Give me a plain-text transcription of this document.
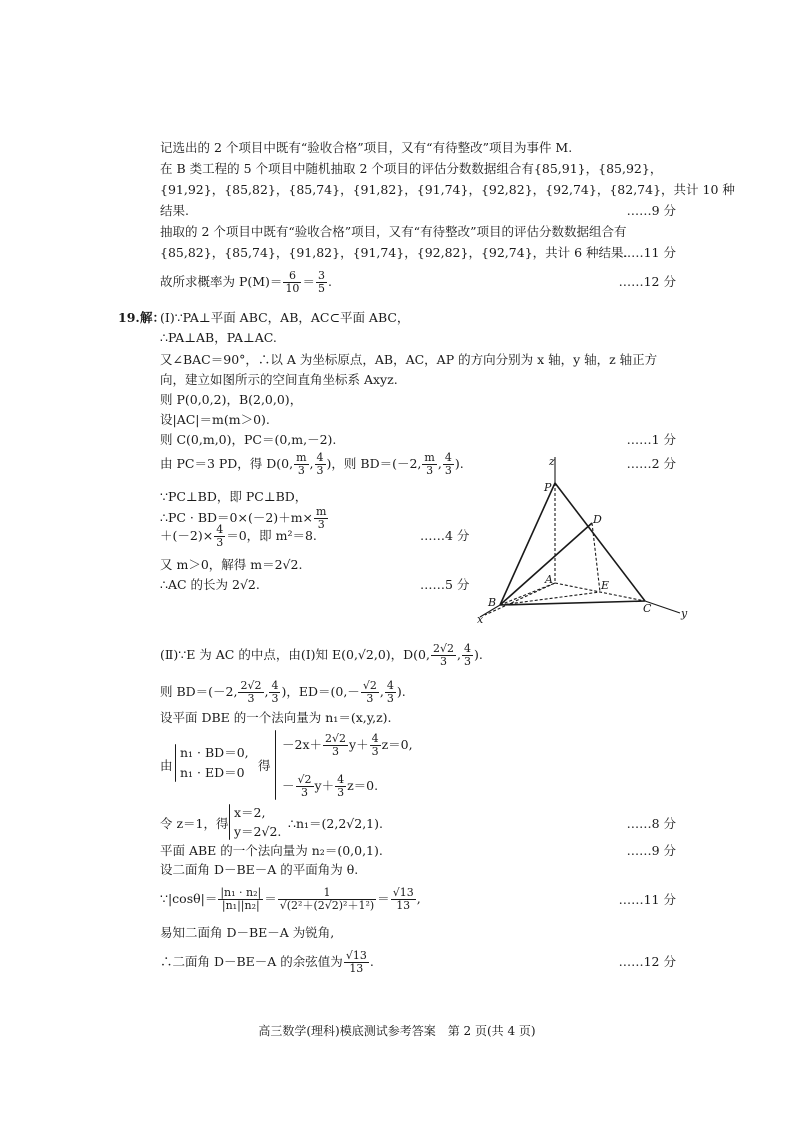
记选出的 2 个项目中既有“验收合格”项目，又有“有待整改”项目为事件 M.
在 B 类工程的 5 个项目中随机抽取 2 个项目的评估分数数据组合有{85,91}，{85,92}，
{91,92}，{85,82}，{85,74}，{91,82}，{91,74}，{92,82}，{92,74}，{82,74}，共计 10 种
结果.	……9 分
抽取的 2 个项目中既有“验收合格”项目，又有“有待整改”项目的评估分数数据组合有
{85,82}，{85,74}，{91,82}，{91,74}，{92,82}，{92,74}，共计 6 种结果.
……11 分
故所求概率为 $P(M)= \frac{6}{10} = \frac{3}{5}$ .	……12 分
19. 解：
(Ⅰ)∵PA⊥平面 ABC，AB，AC⊂平面 ABC，
∴PA⊥AB，PA⊥AC.
又∠BAC＝90°，∴以 A 为坐标原点，AB，AC，AP 的方向分别为 x 轴，y 轴，z 轴正方
向，建立如图所示的空间直角坐标系 Axyz.
则 P(0,0,2)，B(2,0,0)，
设|AC|＝m(m＞0).
则 C(0,m,0)，PC＝(0,m,－2).	……1 分
由 PC＝3 PD，得 D(0, $\frac{m}{3}$ , $\frac{4}{3}$ )，则 BD＝(－2, $\frac{m}{3}$ , $\frac{4}{3}$ ).	……2 分
∵PC⊥BD，即 PC⊥BD，
∴PC · $BD=0\times(-2)+m\times \frac{m}{3}$
$+(-2)\times \frac{4}{3} =0$，即 m²＝8.	……4 分
又 m＞0，解得 m＝2√2.
∴AC 的长为 2√2.	……5 分
z
P
D
A	E
B	C
x	y
(Ⅱ)∵E 为 AC 的中点，由(Ⅰ)知 E(0,√2,0)，D(0, $\frac{2√2}{3}$ , $\frac{4}{3}$ ).
则 BD＝(－2, $\frac{2√2}{3}$ , $\frac{4}{3}$ )，$ED=(0,- \frac{√2}{3}$ , $\frac{4}{3}$ ).
设平面 DBE 的一个法向量为 n₁＝(x,y,z).
由
n₁ · BD＝0,
n₁ · ED＝0 得
$-2x+ \frac{2√2}{3} y+ \frac{4}{3} z=0$,
－ $\frac{√2}{3} y+ \frac{4}{3} z=0$.
令 z＝1，得
x＝2,
y＝2√2.
∴n₁＝(2,2√2,1).	……8 分
平面 ABE 的一个法向量为 n₂＝(0,0,1).	……9 分
设二面角 D－BE－A 的平面角为 θ.
∵|cosθ|＝ $\frac{\text{|n₁ · n₂|}}{\text{|n₁||n₂|}} = \frac{1}{\text{√(2²＋(2√2)²＋1²)}} = \frac{√13}{13}$ ,	……11 分
易知二面角 D－BE－A 为锐角,
∴二面角 D－BE－A 的余弦值为 $\frac{√13}{13}$ .	……12 分
高三数学(理科)模底测试参考答案　第 2 页(共 4 页)
